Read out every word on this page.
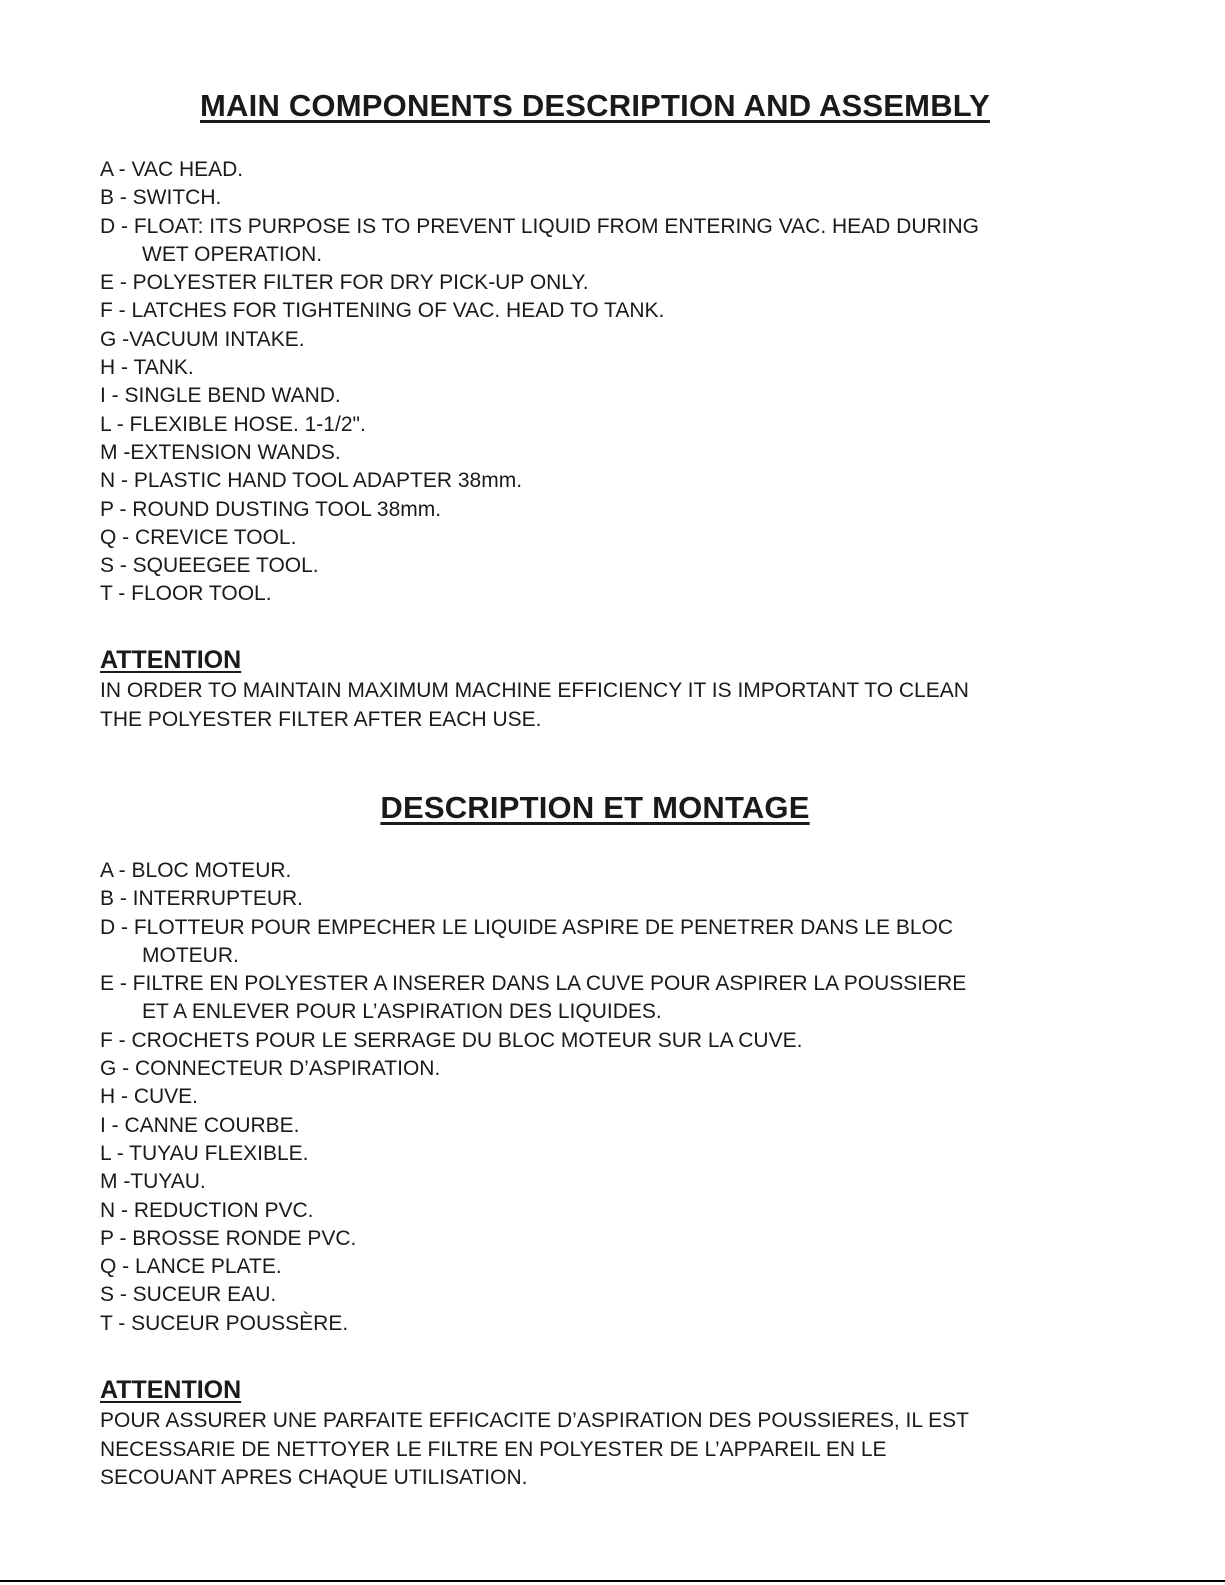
MAIN COMPONENTS DESCRIPTION AND ASSEMBLY
A - VAC HEAD.
B - SWITCH.
D - FLOAT: ITS PURPOSE IS TO PREVENT LIQUID FROM ENTERING VAC. HEAD DURING
WET OPERATION.
E - POLYESTER FILTER FOR DRY PICK-UP ONLY.
F - LATCHES FOR TIGHTENING OF VAC. HEAD TO TANK.
G -VACUUM INTAKE.
H - TANK.
I - SINGLE BEND WAND.
L - FLEXIBLE HOSE. 1-1/2".
M -EXTENSION WANDS.
N - PLASTIC HAND TOOL ADAPTER 38mm.
P - ROUND DUSTING TOOL 38mm.
Q - CREVICE TOOL.
S - SQUEEGEE TOOL.
T - FLOOR TOOL.
ATTENTION

IN ORDER TO MAINTAIN MAXIMUM MACHINE EFFICIENCY IT IS IMPORTANT TO CLEAN
THE POLYESTER FILTER AFTER EACH USE.

DESCRIPTION ET MONTAGE
A - BLOC MOTEUR.
B - INTERRUPTEUR.
D - FLOTTEUR POUR EMPECHER LE LIQUIDE ASPIRE DE PENETRER DANS LE BLOC
MOTEUR.
E - FILTRE EN POLYESTER A INSERER DANS LA CUVE POUR ASPIRER LA POUSSIERE
ET A ENLEVER POUR L’ASPIRATION DES LIQUIDES.
F - CROCHETS POUR LE SERRAGE DU BLOC MOTEUR SUR LA CUVE.
G - CONNECTEUR D’ASPIRATION.
H - CUVE.
I - CANNE COURBE.
L - TUYAU FLEXIBLE.
M -TUYAU.
N - REDUCTION PVC.
P - BROSSE RONDE PVC.
Q - LANCE PLATE.
S - SUCEUR EAU.
T - SUCEUR POUSSÈRE.
ATTENTION

POUR ASSURER UNE PARFAITE EFFICACITE D’ASPIRATION DES POUSSIERES, IL EST
NECESSARIE DE NETTOYER LE FILTRE EN POLYESTER DE L’APPAREIL EN LE
SECOUANT APRES CHAQUE UTILISATION.
